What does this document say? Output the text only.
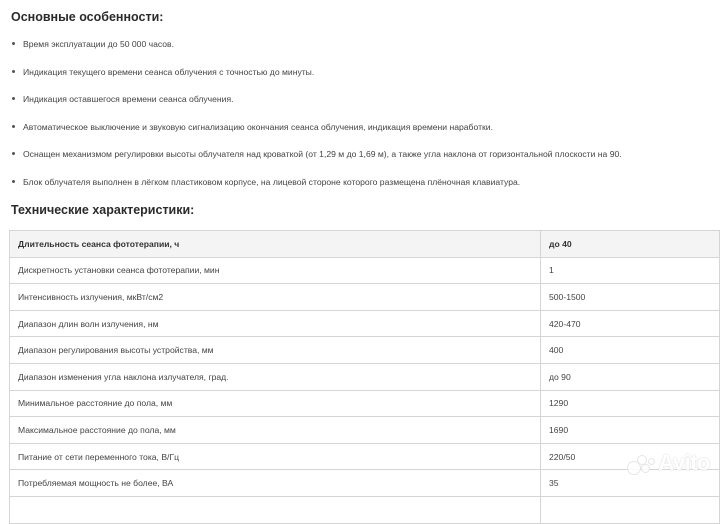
Основные особенности:
Время эксплуатации до 50 000 часов.
Индикация текущего времени сеанса облучения с точностью до минуты.
Индикация оставшегося времени сеанса облучения.
Автоматическое выключение и звуковую сигнализацию окончания сеанса облучения, индикация времени наработки.
Оснащен механизмом регулировки высоты облучателя над кроваткой (от 1,29 м до 1,69 м), а также угла наклона от горизонтальной плоскости на 90.
Блок облучателя выполнен в лёгком пластиковом корпусе, на лицевой стороне которого размещена плёночная клавиатура.
Технические характеристики:
Длительность сеанса фототерапии, ч	до 40
Дискретность установки сеанса фототерапии, мин	1
Интенсивность излучения, мкВт/см2	500-1500
Диапазон длин волн излучения, нм	420-470
Диапазон регулирования высоты устройства, мм	400
Диапазон изменения угла наклона излучателя, град.	до 90
Минимальное расстояние до пола, мм	1290
Максимальное расстояние до пола, мм	1690
Питание от сети переменного тока, В/Гц	220/50
Потребляемая мощность не более, ВА	35

Avito
